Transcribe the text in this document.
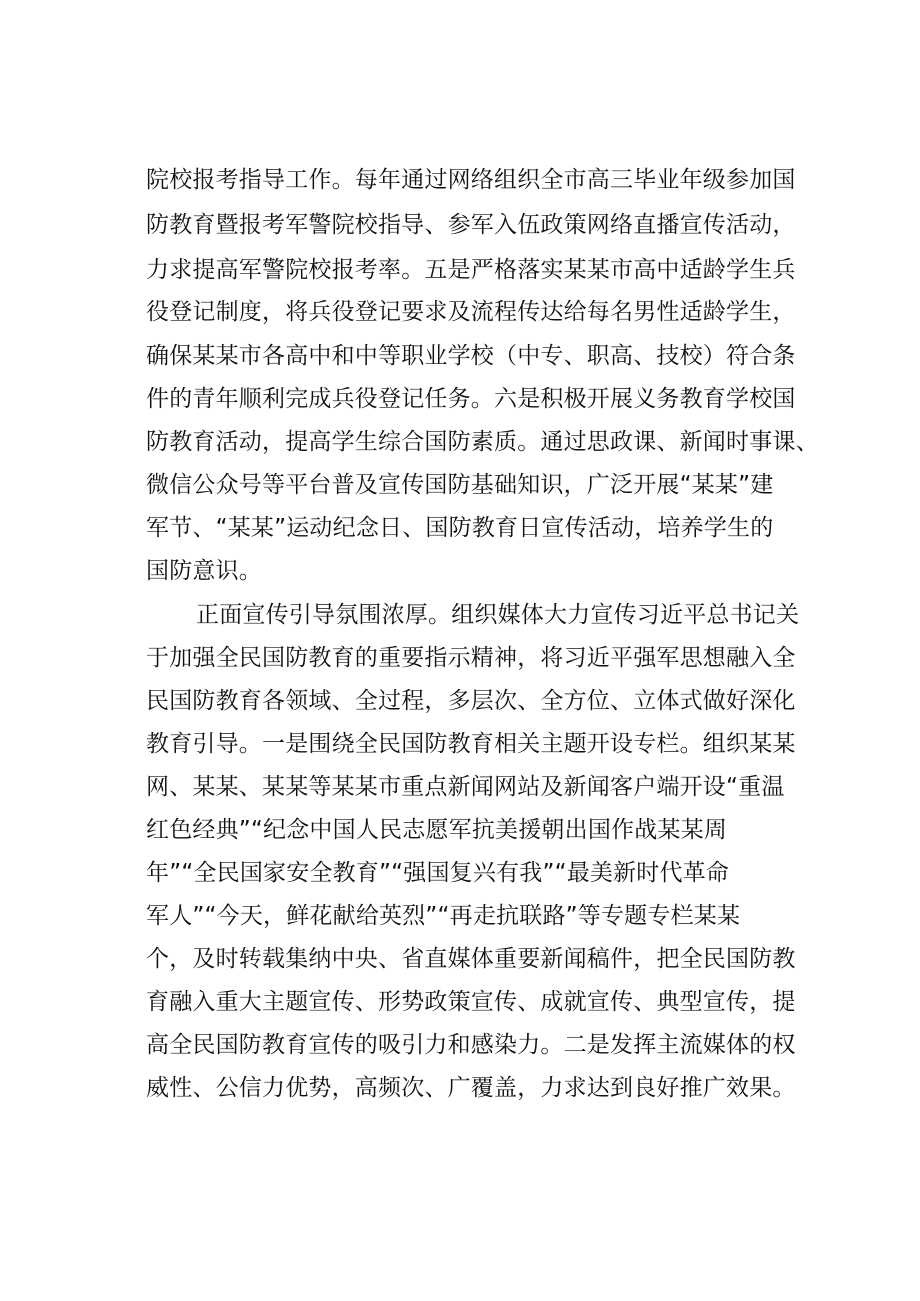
院校报考指导工作。每年通过网络组织全市高三毕业年级参加国
防教育暨报考军警院校指导、参军入伍政策网络直播宣传活动，
力求提高军警院校报考率。五是严格落实某某市高中适龄学生兵
役登记制度，将兵役登记要求及流程传达给每名男性适龄学生，
确保某某市各高中和中等职业学校（中专、职高、技校）符合条
件的青年顺利完成兵役登记任务。六是积极开展义务教育学校国
防教育活动，提高学生综合国防素质。通过思政课、新闻时事课、
微信公众号等平台普及宣传国防基础知识，广泛开展“某某”建
军节、“某某”运动纪念日、国防教育日宣传活动，培养学生的
国防意识。
正面宣传引导氛围浓厚。组织媒体大力宣传习近平总书记关
于加强全民国防教育的重要指示精神，将习近平强军思想融入全
民国防教育各领域、全过程，多层次、全方位、立体式做好深化
教育引导。一是围绕全民国防教育相关主题开设专栏。组织某某
网、某某、某某等某某市重点新闻网站及新闻客户端开设“重温
红色经典”“纪念中国人民志愿军抗美援朝出国作战某某周
年”“全民国家安全教育”“强国复兴有我”“最美新时代革命
军人”“今天，鲜花献给英烈”“再走抗联路”等专题专栏某某
个，及时转载集纳中央、省直媒体重要新闻稿件，把全民国防教
育融入重大主题宣传、形势政策宣传、成就宣传、典型宣传，提
高全民国防教育宣传的吸引力和感染力。二是发挥主流媒体的权
威性、公信力优势，高频次、广覆盖，力求达到良好推广效果。
